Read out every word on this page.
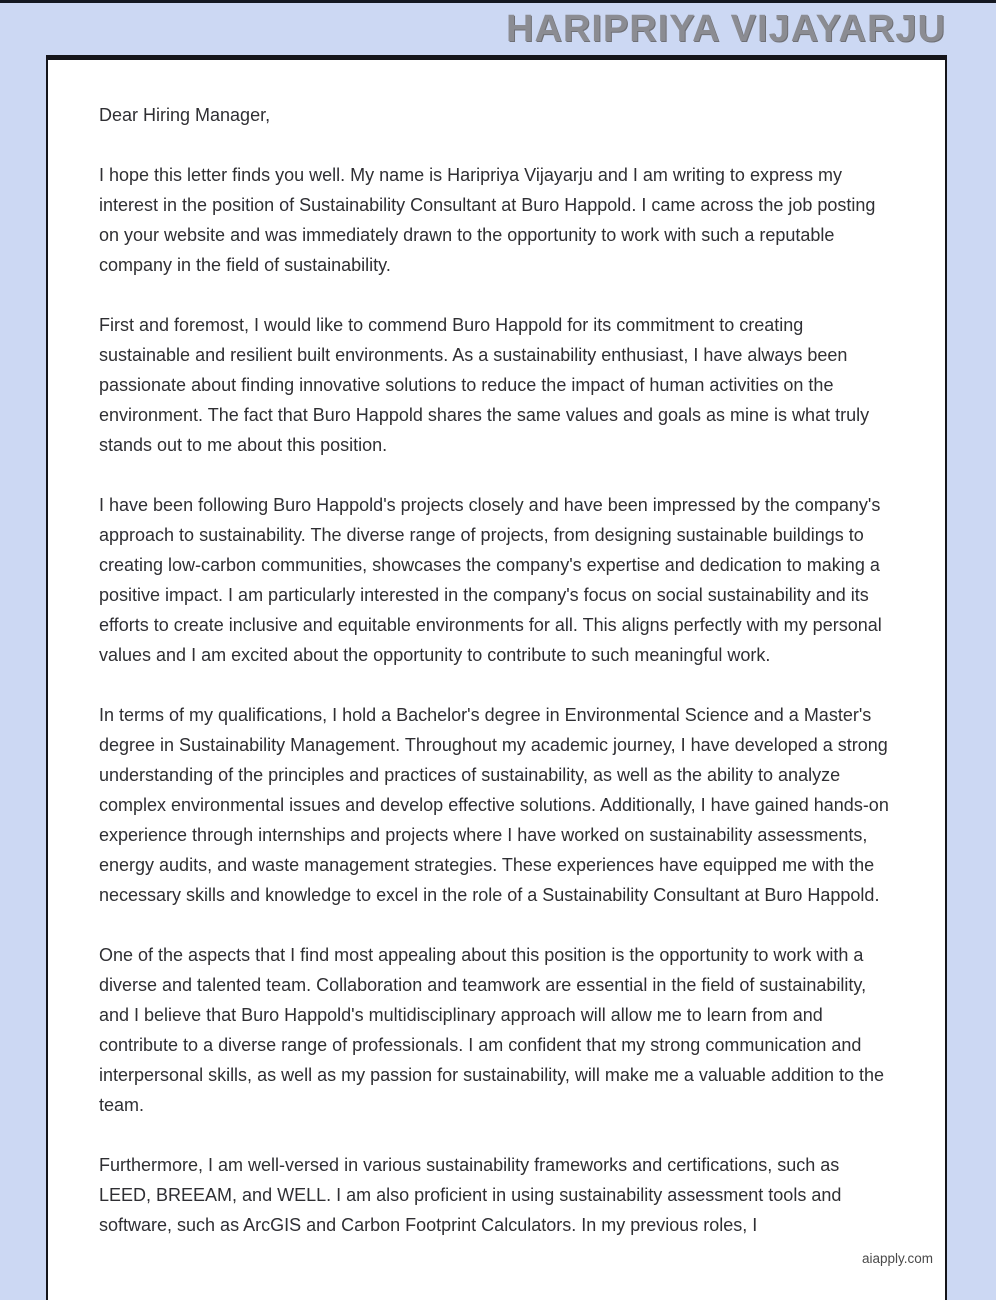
HARIPRIYA VIJAYARJU

Dear Hiring Manager,

I hope this letter finds you well. My name is Haripriya Vijayarju and I am writing to express my interest in the position of Sustainability Consultant at Buro Happold. I came across the job posting on your website and was immediately drawn to the opportunity to work with such a reputable company in the field of sustainability.

First and foremost, I would like to commend Buro Happold for its commitment to creating sustainable and resilient built environments. As a sustainability enthusiast, I have always been passionate about finding innovative solutions to reduce the impact of human activities on the environment. The fact that Buro Happold shares the same values and goals as mine is what truly stands out to me about this position.

I have been following Buro Happold's projects closely and have been impressed by the company's approach to sustainability. The diverse range of projects, from designing sustainable buildings to creating low-carbon communities, showcases the company's expertise and dedication to making a positive impact. I am particularly interested in the company's focus on social sustainability and its efforts to create inclusive and equitable environments for all. This aligns perfectly with my personal values and I am excited about the opportunity to contribute to such meaningful work.

In terms of my qualifications, I hold a Bachelor's degree in Environmental Science and a Master's degree in Sustainability Management. Throughout my academic journey, I have developed a strong understanding of the principles and practices of sustainability, as well as the ability to analyze complex environmental issues and develop effective solutions. Additionally, I have gained hands-on experience through internships and projects where I have worked on sustainability assessments, energy audits, and waste management strategies. These experiences have equipped me with the necessary skills and knowledge to excel in the role of a Sustainability Consultant at Buro Happold.

One of the aspects that I find most appealing about this position is the opportunity to work with a diverse and talented team. Collaboration and teamwork are essential in the field of sustainability, and I believe that Buro Happold's multidisciplinary approach will allow me to learn from and contribute to a diverse range of professionals. I am confident that my strong communication and interpersonal skills, as well as my passion for sustainability, will make me a valuable addition to the team.

Furthermore, I am well-versed in various sustainability frameworks and certifications, such as LEED, BREEAM, and WELL. I am also proficient in using sustainability assessment tools and software, such as ArcGIS and Carbon Footprint Calculators. In my previous roles, I

aiapply.com
